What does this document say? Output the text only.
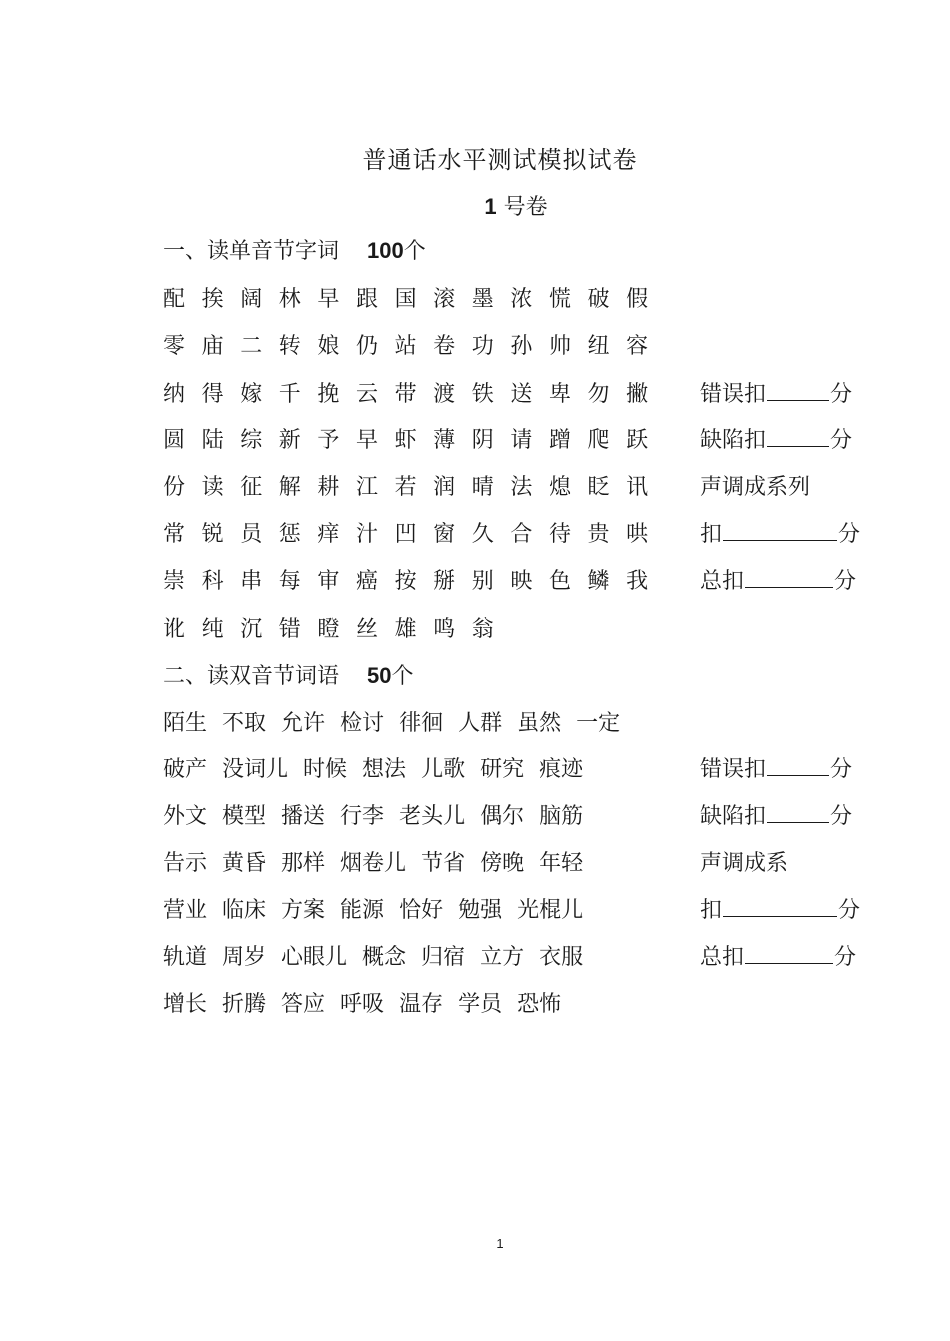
普通话水平测试模拟试卷
1 号卷
一、读单音节字词 100个
配 挨 阔 林 早 跟 国 滚 墨 浓 慌 破 假
零 庙 二 转 娘 仍 站 卷 功 孙 帅 纽 容
纳 得 嫁 千 挽 云 带 渡 铁 送 卑 勿 撇
圆 陆 综 新 予 早 虾 薄 阴 请 蹭 爬 跃
份 读 征 解 耕 江 若 润 晴 法 熄 眨 讯
常 锐 员 惩 痒 汁 凹 窗 久 合 待 贵 哄
崇 科 串 每 审 癌 按 掰 别 映 色 鳞 我
讹 纯 沉 错 瞪 丝 雄 鸣 翁
错误扣	分
缺陷扣	分
声调成系列
扣	分
总扣	分
二、读双音节词语 50个
陌生 不取 允许 检讨 徘徊 人群 虽然 一定
破产 没词儿 时候 想法 儿歌 研究 痕迹
外文 模型 播送 行李 老头儿 偶尔 脑筋
告示 黄昏 那样 烟卷儿 节省 傍晚 年轻
营业 临床 方案 能源 恰好 勉强 光棍儿
轨道 周岁 心眼儿 概念 归宿 立方 衣服
增长 折腾 答应 呼吸 温存 学员 恐怖
错误扣	分
缺陷扣	分
声调成系
扣	分
总扣	分
1
